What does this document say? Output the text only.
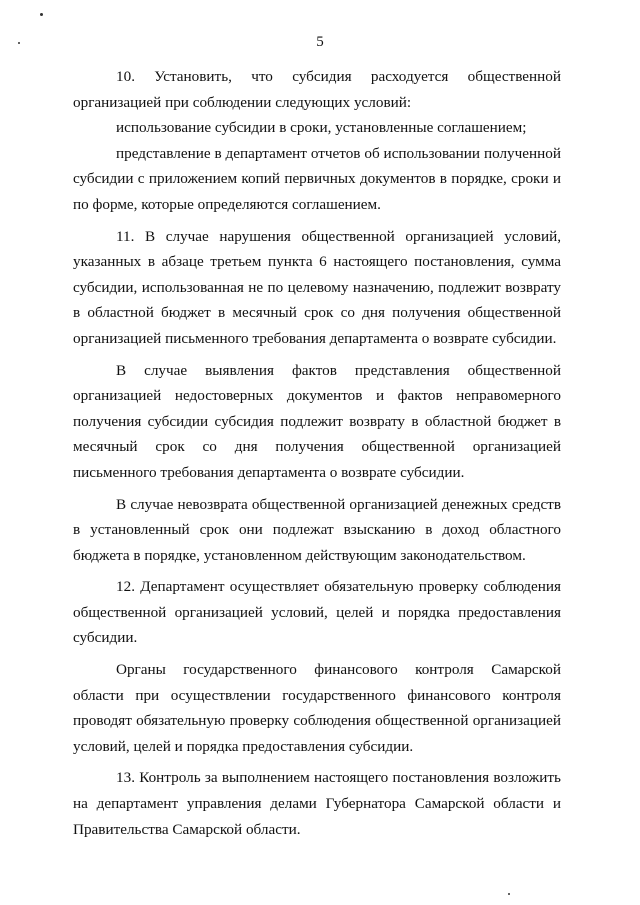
5

10. Установить, что субсидия расходуется общественной организацией при соблюдении следующих условий:

использование субсидии в сроки, установленные соглашением;

представление в департамент отчетов об использовании полученной субсидии с приложением копий первичных документов в порядке, сроки и по форме, которые определяются соглашением.

11. В случае нарушения общественной организацией условий, указанных в абзаце третьем пункта 6 настоящего постановления, сумма субсидии, использованная не по целевому назначению, подлежит возврату в областной бюджет в месячный срок со дня получения общественной организацией письменного требования департамента о возврате субсидии.

В случае выявления фактов представления общественной организацией недостоверных документов и фактов неправомерного получения субсидии субсидия подлежит возврату в областной бюджет в месячный срок со дня получения общественной организацией письменного требования департамента о возврате субсидии.

В случае невозврата общественной организацией денежных средств в установленный срок они подлежат взысканию в доход областного бюджета в порядке, установленном действующим законодательством.

12. Департамент осуществляет обязательную проверку соблюдения общественной организацией условий, целей и порядка предоставления субсидии.

Органы государственного финансового контроля Самарской области при осуществлении государственного финансового контроля проводят обязательную проверку соблюдения общественной организацией условий, целей и порядка предоставления субсидии.

13. Контроль за выполнением настоящего постановления возложить на департамент управления делами Губернатора Самарской области и Правительства Самарской области.
